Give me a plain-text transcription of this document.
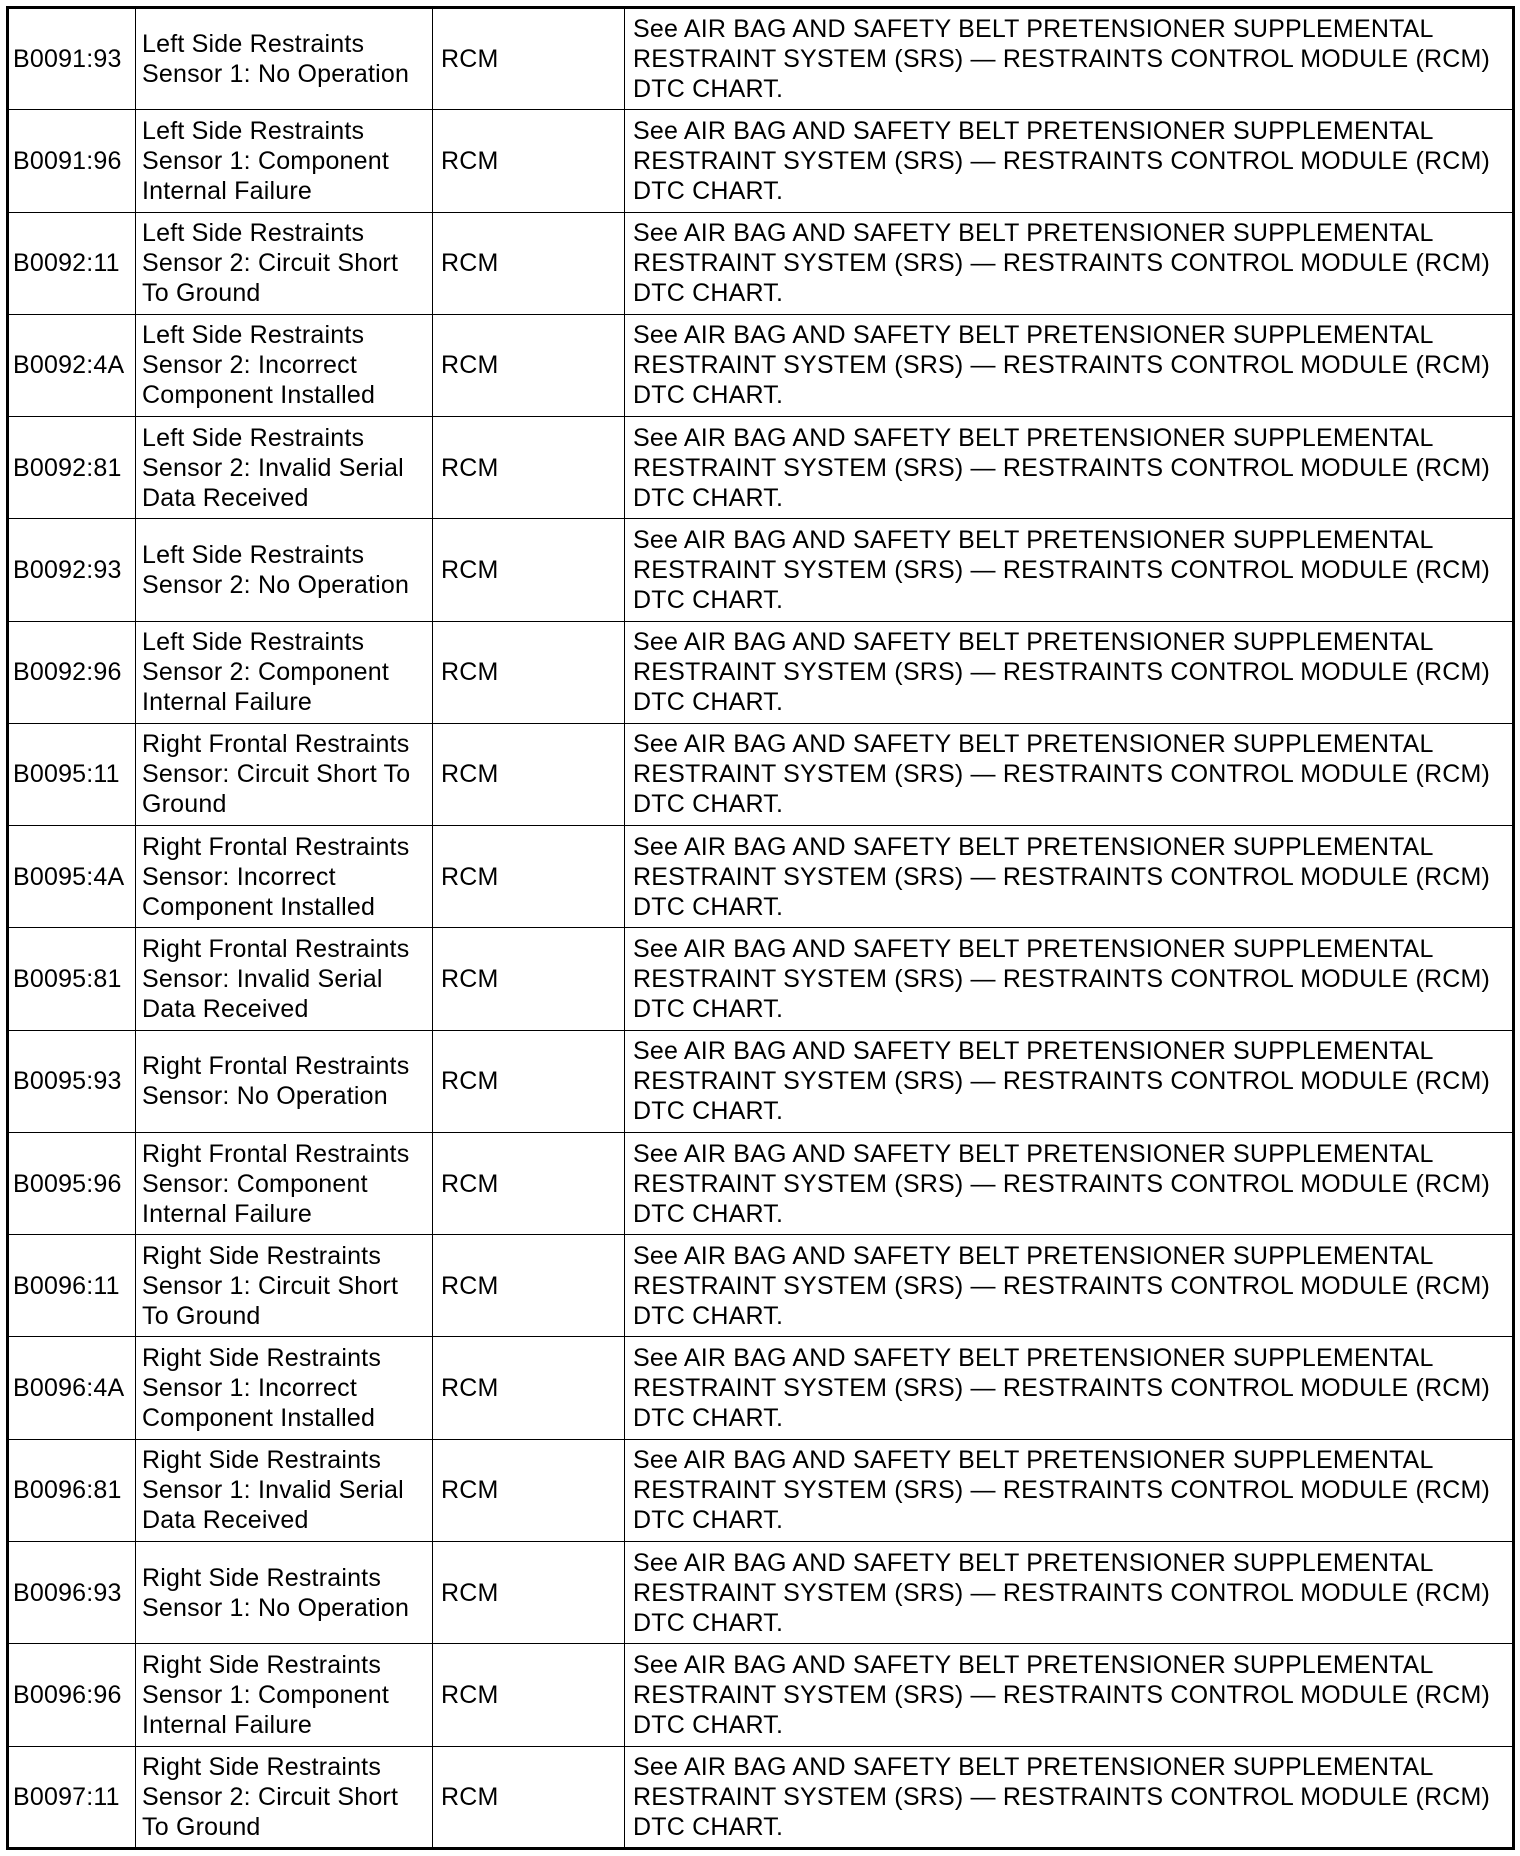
B0091:93	Left Side Restraints Sensor 1: No Operation	RCM	See AIR BAG AND SAFETY BELT PRETENSIONER SUPPLEMENTAL RESTRAINT SYSTEM (SRS) — RESTRAINTS CONTROL MODULE (RCM) DTC CHART.
B0091:96	Left Side Restraints Sensor 1: Component Internal Failure	RCM	See AIR BAG AND SAFETY BELT PRETENSIONER SUPPLEMENTAL RESTRAINT SYSTEM (SRS) — RESTRAINTS CONTROL MODULE (RCM) DTC CHART.
B0092:11	Left Side Restraints Sensor 2: Circuit Short To Ground	RCM	See AIR BAG AND SAFETY BELT PRETENSIONER SUPPLEMENTAL RESTRAINT SYSTEM (SRS) — RESTRAINTS CONTROL MODULE (RCM) DTC CHART.
B0092:4A	Left Side Restraints Sensor 2: Incorrect Component Installed	RCM	See AIR BAG AND SAFETY BELT PRETENSIONER SUPPLEMENTAL RESTRAINT SYSTEM (SRS) — RESTRAINTS CONTROL MODULE (RCM) DTC CHART.
B0092:81	Left Side Restraints Sensor 2: Invalid Serial Data Received	RCM	See AIR BAG AND SAFETY BELT PRETENSIONER SUPPLEMENTAL RESTRAINT SYSTEM (SRS) — RESTRAINTS CONTROL MODULE (RCM) DTC CHART.
B0092:93	Left Side Restraints Sensor 2: No Operation	RCM	See AIR BAG AND SAFETY BELT PRETENSIONER SUPPLEMENTAL RESTRAINT SYSTEM (SRS) — RESTRAINTS CONTROL MODULE (RCM) DTC CHART.
B0092:96	Left Side Restraints Sensor 2: Component Internal Failure	RCM	See AIR BAG AND SAFETY BELT PRETENSIONER SUPPLEMENTAL RESTRAINT SYSTEM (SRS) — RESTRAINTS CONTROL MODULE (RCM) DTC CHART.
B0095:11	Right Frontal Restraints Sensor: Circuit Short To Ground	RCM	See AIR BAG AND SAFETY BELT PRETENSIONER SUPPLEMENTAL RESTRAINT SYSTEM (SRS) — RESTRAINTS CONTROL MODULE (RCM) DTC CHART.
B0095:4A	Right Frontal Restraints Sensor: Incorrect Component Installed	RCM	See AIR BAG AND SAFETY BELT PRETENSIONER SUPPLEMENTAL RESTRAINT SYSTEM (SRS) — RESTRAINTS CONTROL MODULE (RCM) DTC CHART.
B0095:81	Right Frontal Restraints Sensor: Invalid Serial Data Received	RCM	See AIR BAG AND SAFETY BELT PRETENSIONER SUPPLEMENTAL RESTRAINT SYSTEM (SRS) — RESTRAINTS CONTROL MODULE (RCM) DTC CHART.
B0095:93	Right Frontal Restraints Sensor: No Operation	RCM	See AIR BAG AND SAFETY BELT PRETENSIONER SUPPLEMENTAL RESTRAINT SYSTEM (SRS) — RESTRAINTS CONTROL MODULE (RCM) DTC CHART.
B0095:96	Right Frontal Restraints Sensor: Component Internal Failure	RCM	See AIR BAG AND SAFETY BELT PRETENSIONER SUPPLEMENTAL RESTRAINT SYSTEM (SRS) — RESTRAINTS CONTROL MODULE (RCM) DTC CHART.
B0096:11	Right Side Restraints Sensor 1: Circuit Short To Ground	RCM	See AIR BAG AND SAFETY BELT PRETENSIONER SUPPLEMENTAL RESTRAINT SYSTEM (SRS) — RESTRAINTS CONTROL MODULE (RCM) DTC CHART.
B0096:4A	Right Side Restraints Sensor 1: Incorrect Component Installed	RCM	See AIR BAG AND SAFETY BELT PRETENSIONER SUPPLEMENTAL RESTRAINT SYSTEM (SRS) — RESTRAINTS CONTROL MODULE (RCM) DTC CHART.
B0096:81	Right Side Restraints Sensor 1: Invalid Serial Data Received	RCM	See AIR BAG AND SAFETY BELT PRETENSIONER SUPPLEMENTAL RESTRAINT SYSTEM (SRS) — RESTRAINTS CONTROL MODULE (RCM) DTC CHART.
B0096:93	Right Side Restraints Sensor 1: No Operation	RCM	See AIR BAG AND SAFETY BELT PRETENSIONER SUPPLEMENTAL RESTRAINT SYSTEM (SRS) — RESTRAINTS CONTROL MODULE (RCM) DTC CHART.
B0096:96	Right Side Restraints Sensor 1: Component Internal Failure	RCM	See AIR BAG AND SAFETY BELT PRETENSIONER SUPPLEMENTAL RESTRAINT SYSTEM (SRS) — RESTRAINTS CONTROL MODULE (RCM) DTC CHART.
B0097:11	Right Side Restraints Sensor 2: Circuit Short To Ground	RCM	See AIR BAG AND SAFETY BELT PRETENSIONER SUPPLEMENTAL RESTRAINT SYSTEM (SRS) — RESTRAINTS CONTROL MODULE (RCM) DTC CHART.
